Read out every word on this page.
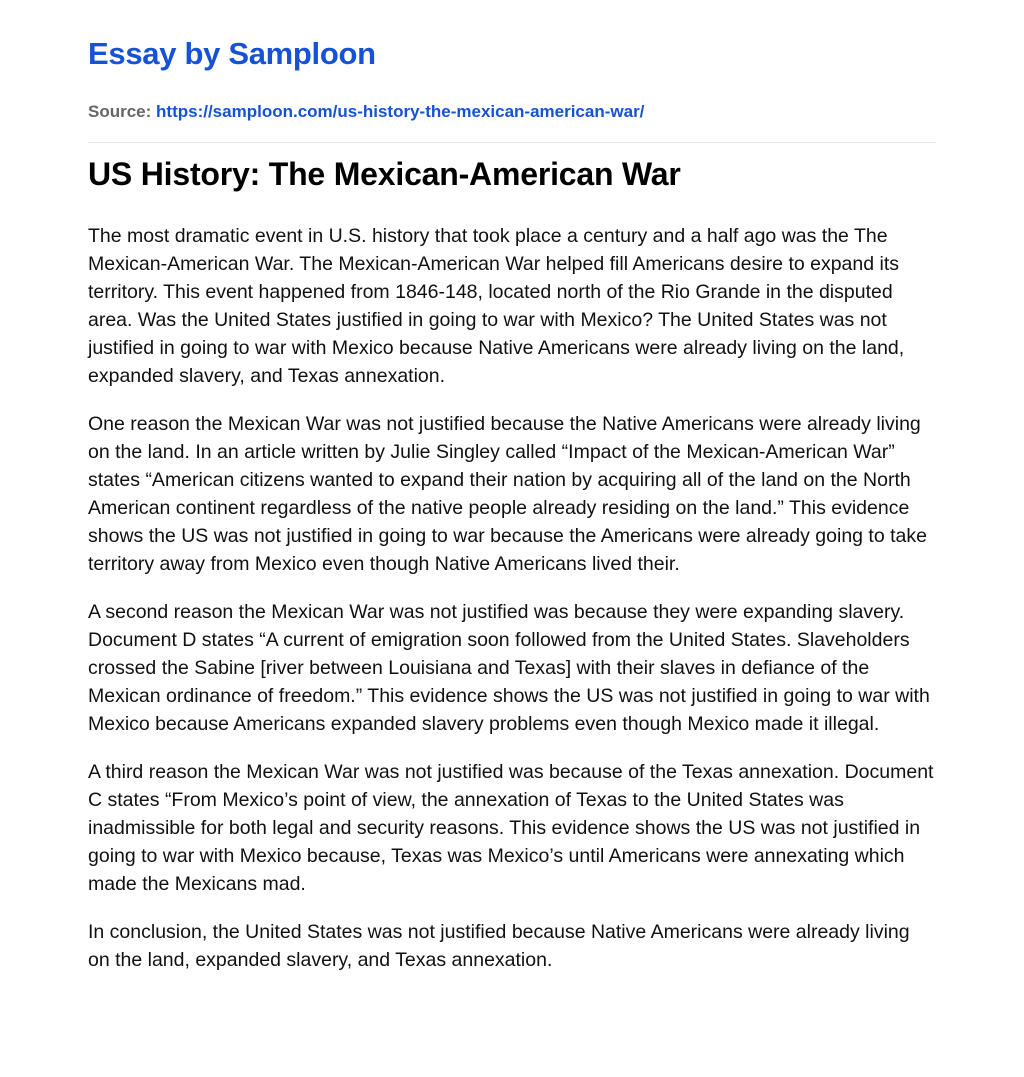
Essay by Samploon
Source: https://samploon.com/us-history-the-mexican-american-war/
US History: The Mexican-American War

The most dramatic event in U.S. history that took place a century and a half ago was the The Mexican-American War. The Mexican-American War helped fill Americans desire to expand its territory. This event happened from 1846-148, located north of the Rio Grande in the disputed area. Was the United States justified in going to war with Mexico? The United States was not justified in going to war with Mexico because Native Americans were already living on the land, expanded slavery, and Texas annexation.

One reason the Mexican War was not justified because the Native Americans were already living on the land. In an article written by Julie Singley called “Impact of the Mexican-American War” states “American citizens wanted to expand their nation by acquiring all of the land on the North American continent regardless of the native people already residing on the land.” This evidence shows the US was not justified in going to war because the Americans were already going to take territory away from Mexico even though Native Americans lived their.

A second reason the Mexican War was not justified was because they were expanding slavery. Document D states “A current of emigration soon followed from the United States. Slaveholders crossed the Sabine [river between Louisiana and Texas] with their slaves in defiance of the Mexican ordinance of freedom.” This evidence shows the US was not justified in going to war with Mexico because Americans expanded slavery problems even though Mexico made it illegal.

A third reason the Mexican War was not justified was because of the Texas annexation. Document C states “From Mexico’s point of view, the annexation of Texas to the United States was inadmissible for both legal and security reasons. This evidence shows the US was not justified in going to war with Mexico because, Texas was Mexico’s until Americans were annexating which made the Mexicans mad.

In conclusion, the United States was not justified because Native Americans were already living on the land, expanded slavery, and Texas annexation.
